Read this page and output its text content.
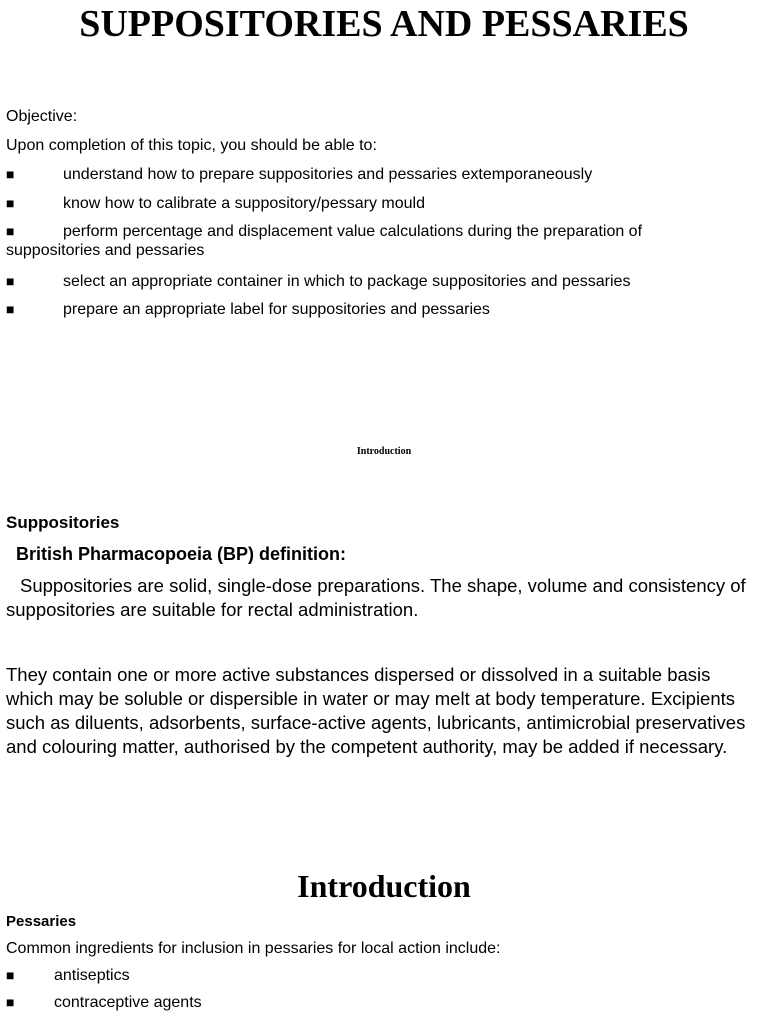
SUPPOSITORIES AND PESSARIES
Objective:
Upon completion of this topic, you should be able to:
■	understand how to prepare suppositories and pessaries extemporaneously
■	know how to calibrate a suppository/pessary mould
■	perform percentage and displacement value calculations during the preparation of suppositories and pessaries
■	select an appropriate container in which to package suppositories and pessaries
■	prepare an appropriate label for suppositories and pessaries
Introduction
Suppositories
British Pharmacopoeia (BP) definition:
Suppositories are solid, single-dose preparations. The shape, volume and consistency of suppositories are suitable for rectal administration.
They contain one or more active substances dispersed or dissolved in a suitable basis which may be soluble or dispersible in water or may melt at body temperature. Excipients such as diluents, adsorbents, surface-active agents, lubricants, antimicrobial preservatives and colouring matter, authorised by the competent authority, may be added if necessary.
Introduction
Pessaries
Common ingredients for inclusion in pessaries for local action include:
■	antiseptics
■	contraceptive agents
